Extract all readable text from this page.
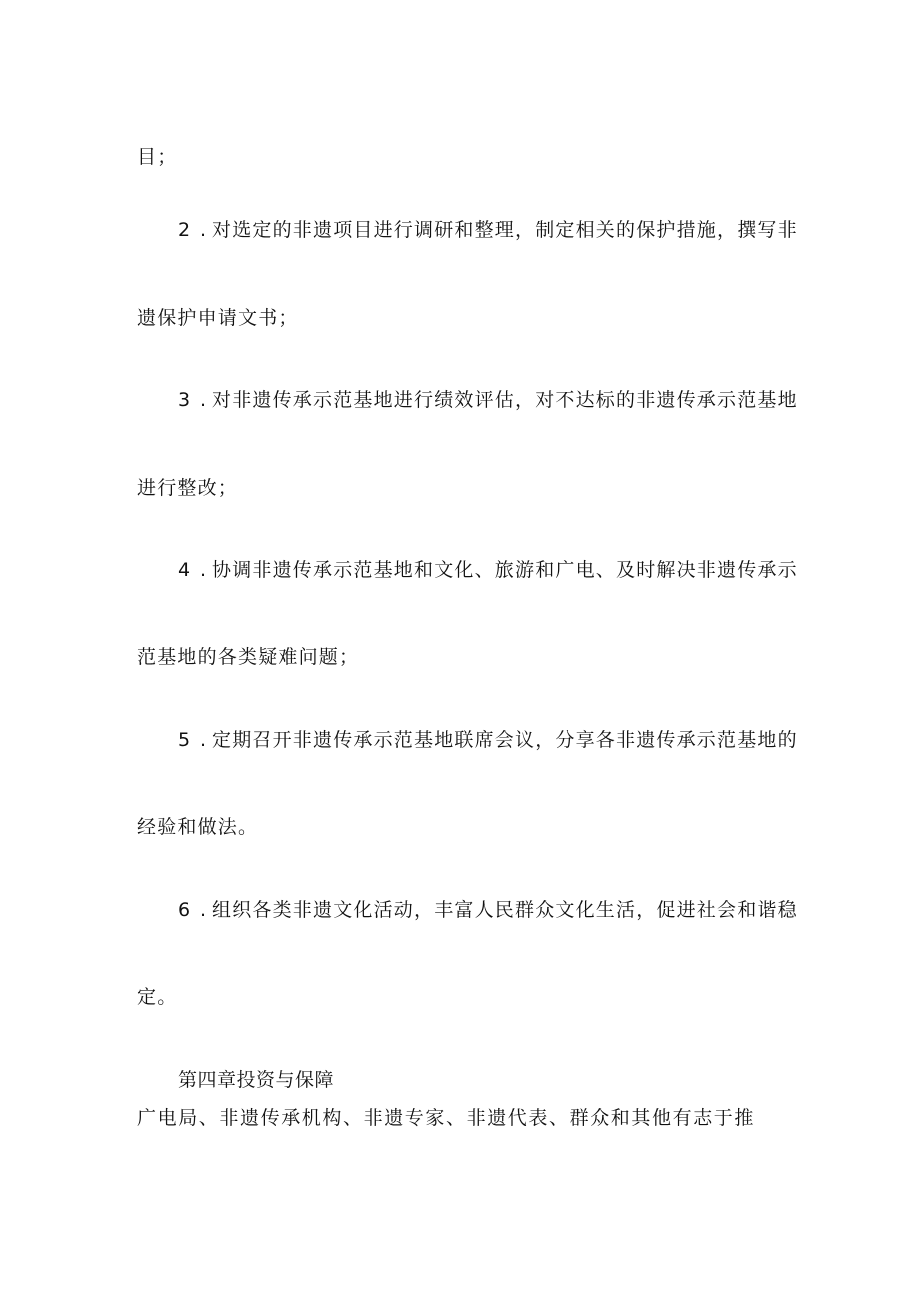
目；
2 . 对选定的非遗项目进行调研和整理，制定相关的保护措施，撰写非
遗保护申请文书；
3 . 对非遗传承示范基地进行绩效评估，对不达标的非遗传承示范基地
进行整改；
4 . 协调非遗传承示范基地和文化、旅游和广电、及时解决非遗传承示
范基地的各类疑难问题；
5 . 定期召开非遗传承示范基地联席会议，分享各非遗传承示范基地的
经验和做法。
6 . 组织各类非遗文化活动，丰富人民群众文化生活，促进社会和谐稳
定。
第四章投资与保障
广电局、非遗传承机构、非遗专家、非遗代表、群众和其他有志于推
